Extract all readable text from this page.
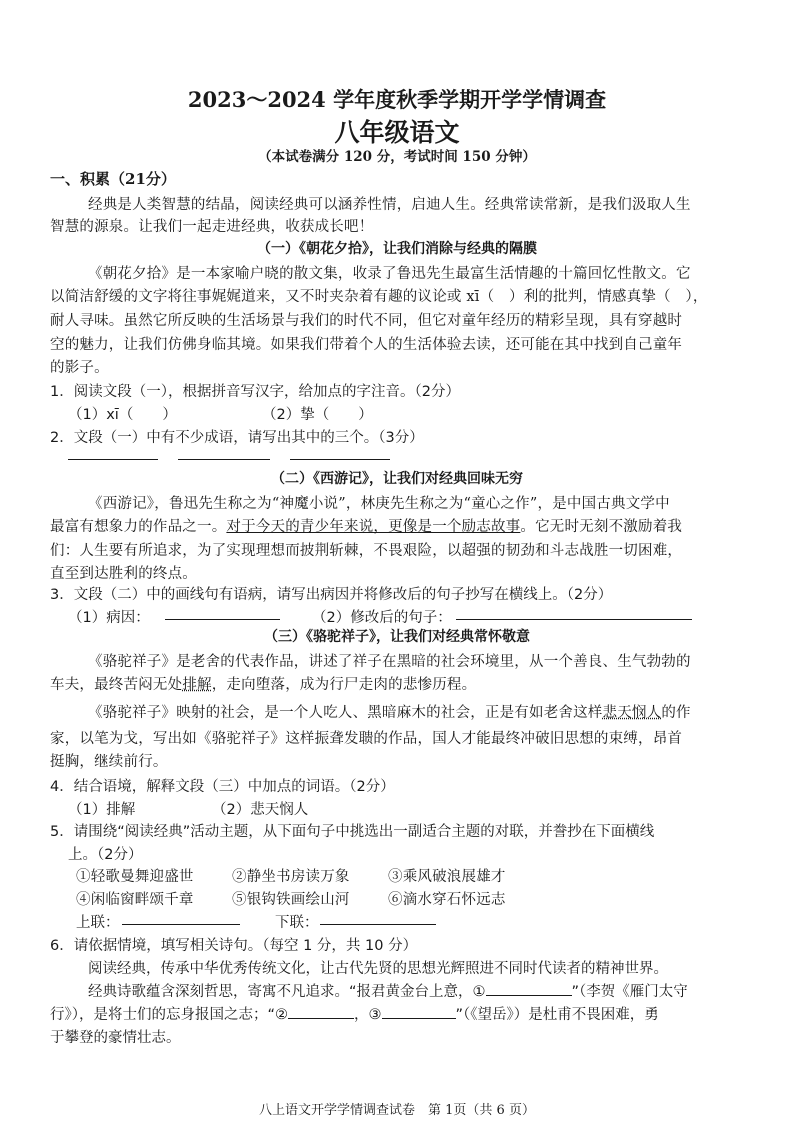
2023～2024 学年度秋季学期开学学情调查
八年级语文
（本试卷满分 120 分，考试时间 150 分钟）
一、积累（21分）
经典是人类智慧的结晶，阅读经典可以涵养性情，启迪人生。经典常读常新，是我们汲取人生
智慧的源泉。让我们一起走进经典，收获成长吧！
（一）《朝花夕拾》，让我们消除与经典的隔膜
《朝花夕拾》是一本家喻户晓的散文集，收录了鲁迅先生最富生活情趣的十篇回忆性散文。它
以简洁舒缓的文字将往事娓娓道来，又不时夹杂着有趣的议论或 xī（　）利的批判，情感真挚（　），
耐人寻味。虽然它所反映的生活场景与我们的时代不同，但它对童年经历的精彩呈现，具有穿越时
空的魅力，让我们仿佛身临其境。如果我们带着个人的生活体验去读，还可能在其中找到自己童年
的影子。
1．阅读文段（一），根据拼音写汉字，给加点的字注音。（2分）
（1）xī（　　）	（2）挚（　　）
2．文段（一）中有不少成语，请写出其中的三个。（3分）
（二）《西游记》，让我们对经典回味无穷
《西游记》，鲁迅先生称之为“神魔小说”，林庚先生称之为“童心之作”，是中国古典文学中
最富有想象力的作品之一。对于今天的青少年来说，更像是一个励志故事。它无时无刻不激励着我
们：人生要有所追求，为了实现理想而披荆斩棘，不畏艰险，以超强的韧劲和斗志战胜一切困难，
直至到达胜利的终点。
3．文段（二）中的画线句有语病，请写出病因并将修改后的句子抄写在横线上。（2分）
（1）病因：	（2）修改后的句子：
（三）《骆驼祥子》，让我们对经典常怀敬意
《骆驼祥子》是老舍的代表作品，讲述了祥子在黑暗的社会环境里，从一个善良、生气勃勃的
车夫，最终苦闷无处排解，走向堕落，成为行尸走肉的悲惨历程。
《骆驼祥子》映射的社会，是一个人吃人、黑暗麻木的社会，正是有如老舍这样悲天悯人的作
家，以笔为戈，写出如《骆驼祥子》这样振聋发聩的作品，国人才能最终冲破旧思想的束缚，昂首
挺胸，继续前行。
4．结合语境，解释文段（三）中加点的词语。（2分）
（1）排解	（2）悲天悯人
5．请围绕“阅读经典”活动主题，从下面句子中挑选出一副适合主题的对联，并誊抄在下面横线
上。（2分）
①轻歌曼舞迎盛世	②静坐书房读万象	③乘风破浪展雄才
④闲临窗畔颂千章	⑤银钩铁画绘山河	⑥滴水穿石怀远志
上联：	下联：
6．请依据情境，填写相关诗句。（每空 1 分，共 10 分）
阅读经典，传承中华优秀传统文化，让古代先贤的思想光辉照进不同时代读者的精神世界。
经典诗歌蕴含深刻哲思，寄寓不凡追求。“报君黄金台上意，①	”（李贺《雁门太守
行》），是将士们的忘身报国之志；“②	，③	”（《望岳》）是杜甫不畏困难，勇
于攀登的豪情壮志。
八上语文开学学情调查试卷　第 1页（共 6 页）
